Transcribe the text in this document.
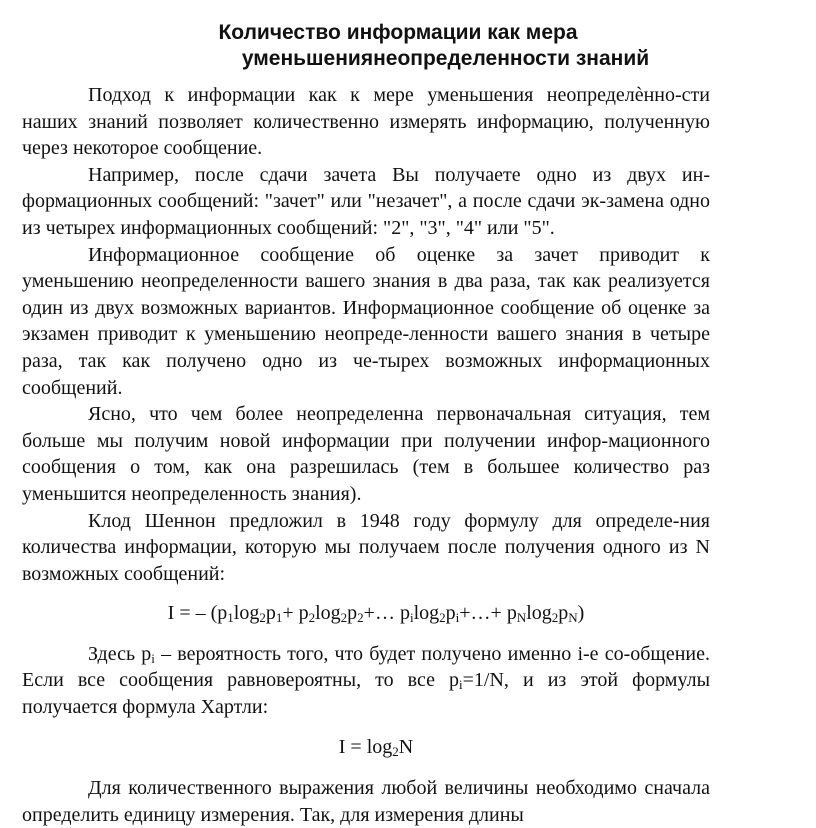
Количество информации как мера
уменьшениянеопределенности знаний

Подход к информации как к мере уменьшения неопределѐнно-сти наших знаний позволяет количественно измерять информацию, полученную через некоторое сообщение.

Например, после сдачи зачета Вы получаете одно из двух ин-формационных сообщений: "зачет" или "незачет", а после сдачи эк-замена одно из четырех информационных сообщений: "2", "3", "4" или "5".

Информационное сообщение об оценке за зачет приводит к уменьшению неопределенности вашего знания в два раза, так как реализуется один из двух возможных вариантов. Информационное сообщение об оценке за экзамен приводит к уменьшению неопреде-ленности вашего знания в четыре раза, так как получено одно из че-тырех возможных информационных сообщений.

Ясно, что чем более неопределенна первоначальная ситуация, тем больше мы получим новой информации при получении инфор-мационного сообщения о том, как она разрешилась (тем в большее количество раз уменьшится неопределенность знания).

Клод Шеннон предложил в 1948 году формулу для определе-ния количества информации, которую мы получаем после получения одного из N возможных сообщений:

I = – ($p_1\log_2p_1+$ $p_2\log_2p_2+\dots$ $p_i\log_2p_i+\dots+ p_N\log_2p_N$)

Здесь $p_i$ – вероятность того, что будет получено именно i-е со-общение. Если все сообщения равновероятны, то все $p_i=1/N$, и из этой формулы получается формула Хартли:

$I = \log_2N$

Для количественного выражения любой величины необходимо сначала определить единицу измерения. Так, для измерения длины
